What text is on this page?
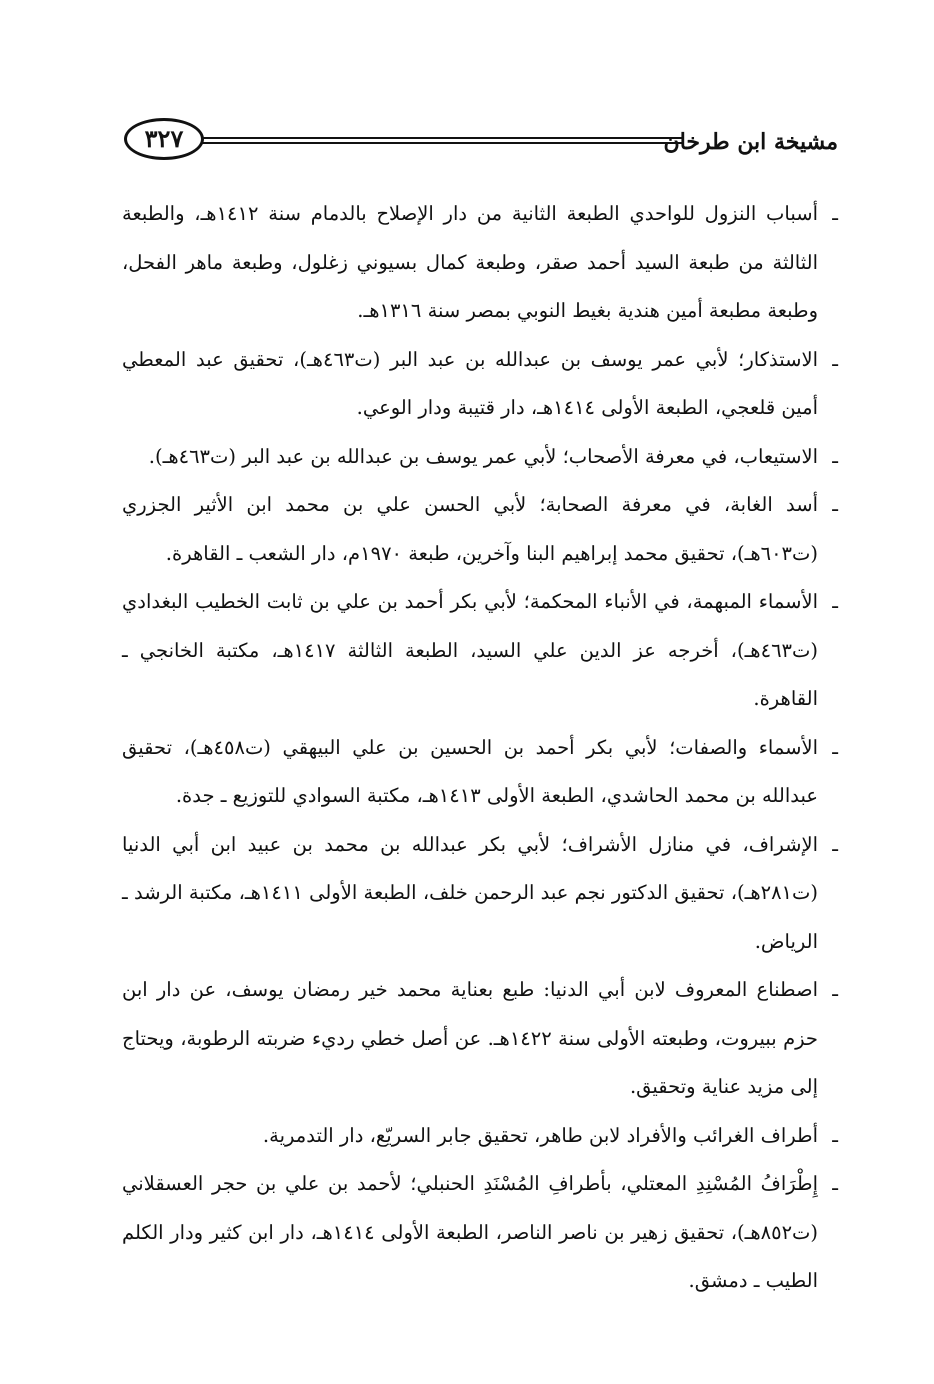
مشيخة ابن طرخان
٣٢٧

ـ
أسباب النزول للواحدي الطبعة الثانية من دار الإصلاح بالدمام سنة ١٤١٢هـ، والطبعة الثالثة من طبعة السيد أحمد صقر، وطبعة كمال بسيوني زغلول، وطبعة ماهر الفحل، وطبعة مطبعة أمين هندية بغيط النوبي بمصر سنة ١٣١٦هـ.

ـ
الاستذكار؛ لأبي عمر يوسف بن عبدالله بن عبد البر (ت٤٦٣هـ)، تحقيق عبد المعطي أمين قلعجي، الطبعة الأولى ١٤١٤هـ، دار قتيبة ودار الوعي.

ـ
الاستيعاب، في معرفة الأصحاب؛ لأبي عمر يوسف بن عبدالله بن عبد البر (ت٤٦٣هـ).

ـ
أسد الغابة، في معرفة الصحابة؛ لأبي الحسن علي بن محمد ابن الأثير الجزري (ت٦٠٣هـ)، تحقيق محمد إبراهيم البنا وآخرين، طبعة ١٩٧٠م، دار الشعب ـ القاهرة.

ـ
الأسماء المبهمة، في الأنباء المحكمة؛ لأبي بكر أحمد بن علي بن ثابت الخطيب البغدادي (ت٤٦٣هـ)، أخرجه عز الدين علي السيد، الطبعة الثالثة ١٤١٧هـ، مكتبة الخانجي ـ القاهرة.

ـ
الأسماء والصفات؛ لأبي بكر أحمد بن الحسين بن علي البيهقي (ت٤٥٨هـ)، تحقيق عبدالله بن محمد الحاشدي، الطبعة الأولى ١٤١٣هـ، مكتبة السوادي للتوزيع ـ جدة.

ـ
الإشراف، في منازل الأشراف؛ لأبي بكر عبدالله بن محمد بن عبيد ابن أبي الدنيا (ت٢٨١هـ)، تحقيق الدكتور نجم عبد الرحمن خلف، الطبعة الأولى ١٤١١هـ، مكتبة الرشد ـ الرياض.

ـ
اصطناع المعروف لابن أبي الدنيا: طبع بعناية محمد خير رمضان يوسف، عن دار ابن حزم ببيروت، وطبعته الأولى سنة ١٤٢٢هـ. عن أصل خطي رديء ضربته الرطوبة، ويحتاج إلى مزيد عناية وتحقيق.

ـ
أطراف الغرائب والأفراد لابن طاهر، تحقيق جابر السريّع، دار التدمرية.

ـ
إِطْرَافُ المُسْنِدِ المعتلي، بأطرافِ المُسْنَدِ الحنبلي؛ لأحمد بن علي بن حجر العسقلاني (ت٨٥٢هـ)، تحقيق زهير بن ناصر الناصر، الطبعة الأولى ١٤١٤هـ، دار ابن كثير ودار الكلم الطيب ـ دمشق.
